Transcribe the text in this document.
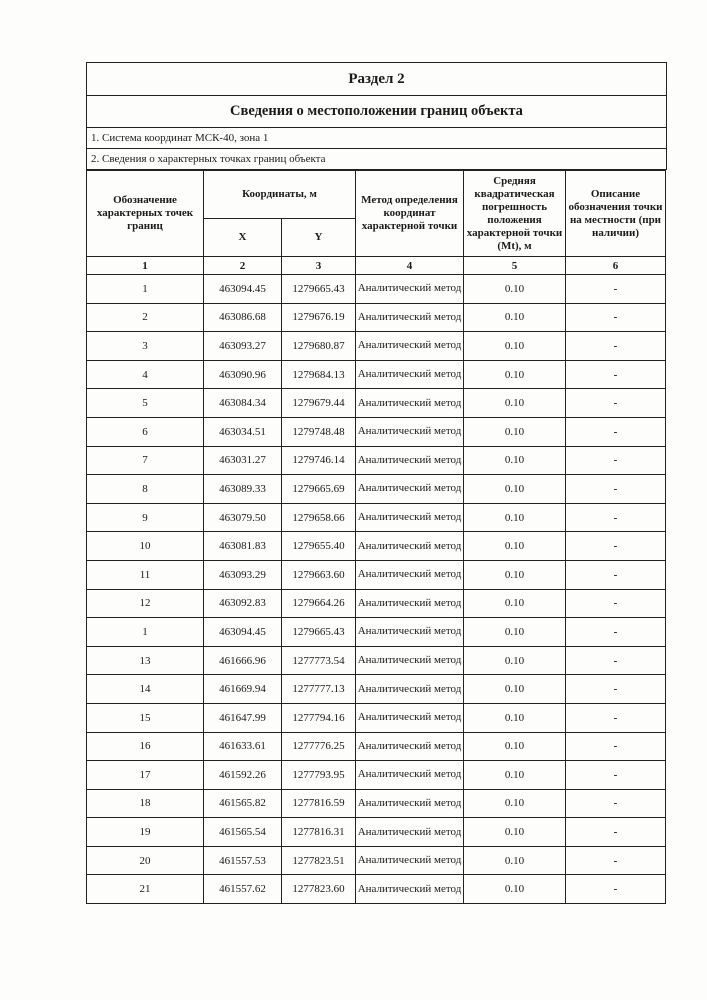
Раздел 2
Сведения о местоположении границ объекта
1. Система координат МСК-40, зона 1
2. Сведения о характерных точках границ объекта
Обозначение характерных точек границ	Координаты, м		Метод определения координат характерной точки	Средняя квадратическая погрешность положения характерной точки (Mt), м	Описание обозначения точки на местности (при наличии)
	X	Y			
1	2	3	4	5	6
1	463094.45	1279665.43	Аналитический метод	0.10	-
2	463086.68	1279676.19	Аналитический метод	0.10	-
3	463093.27	1279680.87	Аналитический метод	0.10	-
4	463090.96	1279684.13	Аналитический метод	0.10	-
5	463084.34	1279679.44	Аналитический метод	0.10	-
6	463034.51	1279748.48	Аналитический метод	0.10	-
7	463031.27	1279746.14	Аналитический метод	0.10	-
8	463089.33	1279665.69	Аналитический метод	0.10	-
9	463079.50	1279658.66	Аналитический метод	0.10	-
10	463081.83	1279655.40	Аналитический метод	0.10	-
11	463093.29	1279663.60	Аналитический метод	0.10	-
12	463092.83	1279664.26	Аналитический метод	0.10	-
1	463094.45	1279665.43	Аналитический метод	0.10	-
13	461666.96	1277773.54	Аналитический метод	0.10	-
14	461669.94	1277777.13	Аналитический метод	0.10	-
15	461647.99	1277794.16	Аналитический метод	0.10	-
16	461633.61	1277776.25	Аналитический метод	0.10	-
17	461592.26	1277793.95	Аналитический метод	0.10	-
18	461565.82	1277816.59	Аналитический метод	0.10	-
19	461565.54	1277816.31	Аналитический метод	0.10	-
20	461557.53	1277823.51	Аналитический метод	0.10	-
21	461557.62	1277823.60	Аналитический метод	0.10	-
